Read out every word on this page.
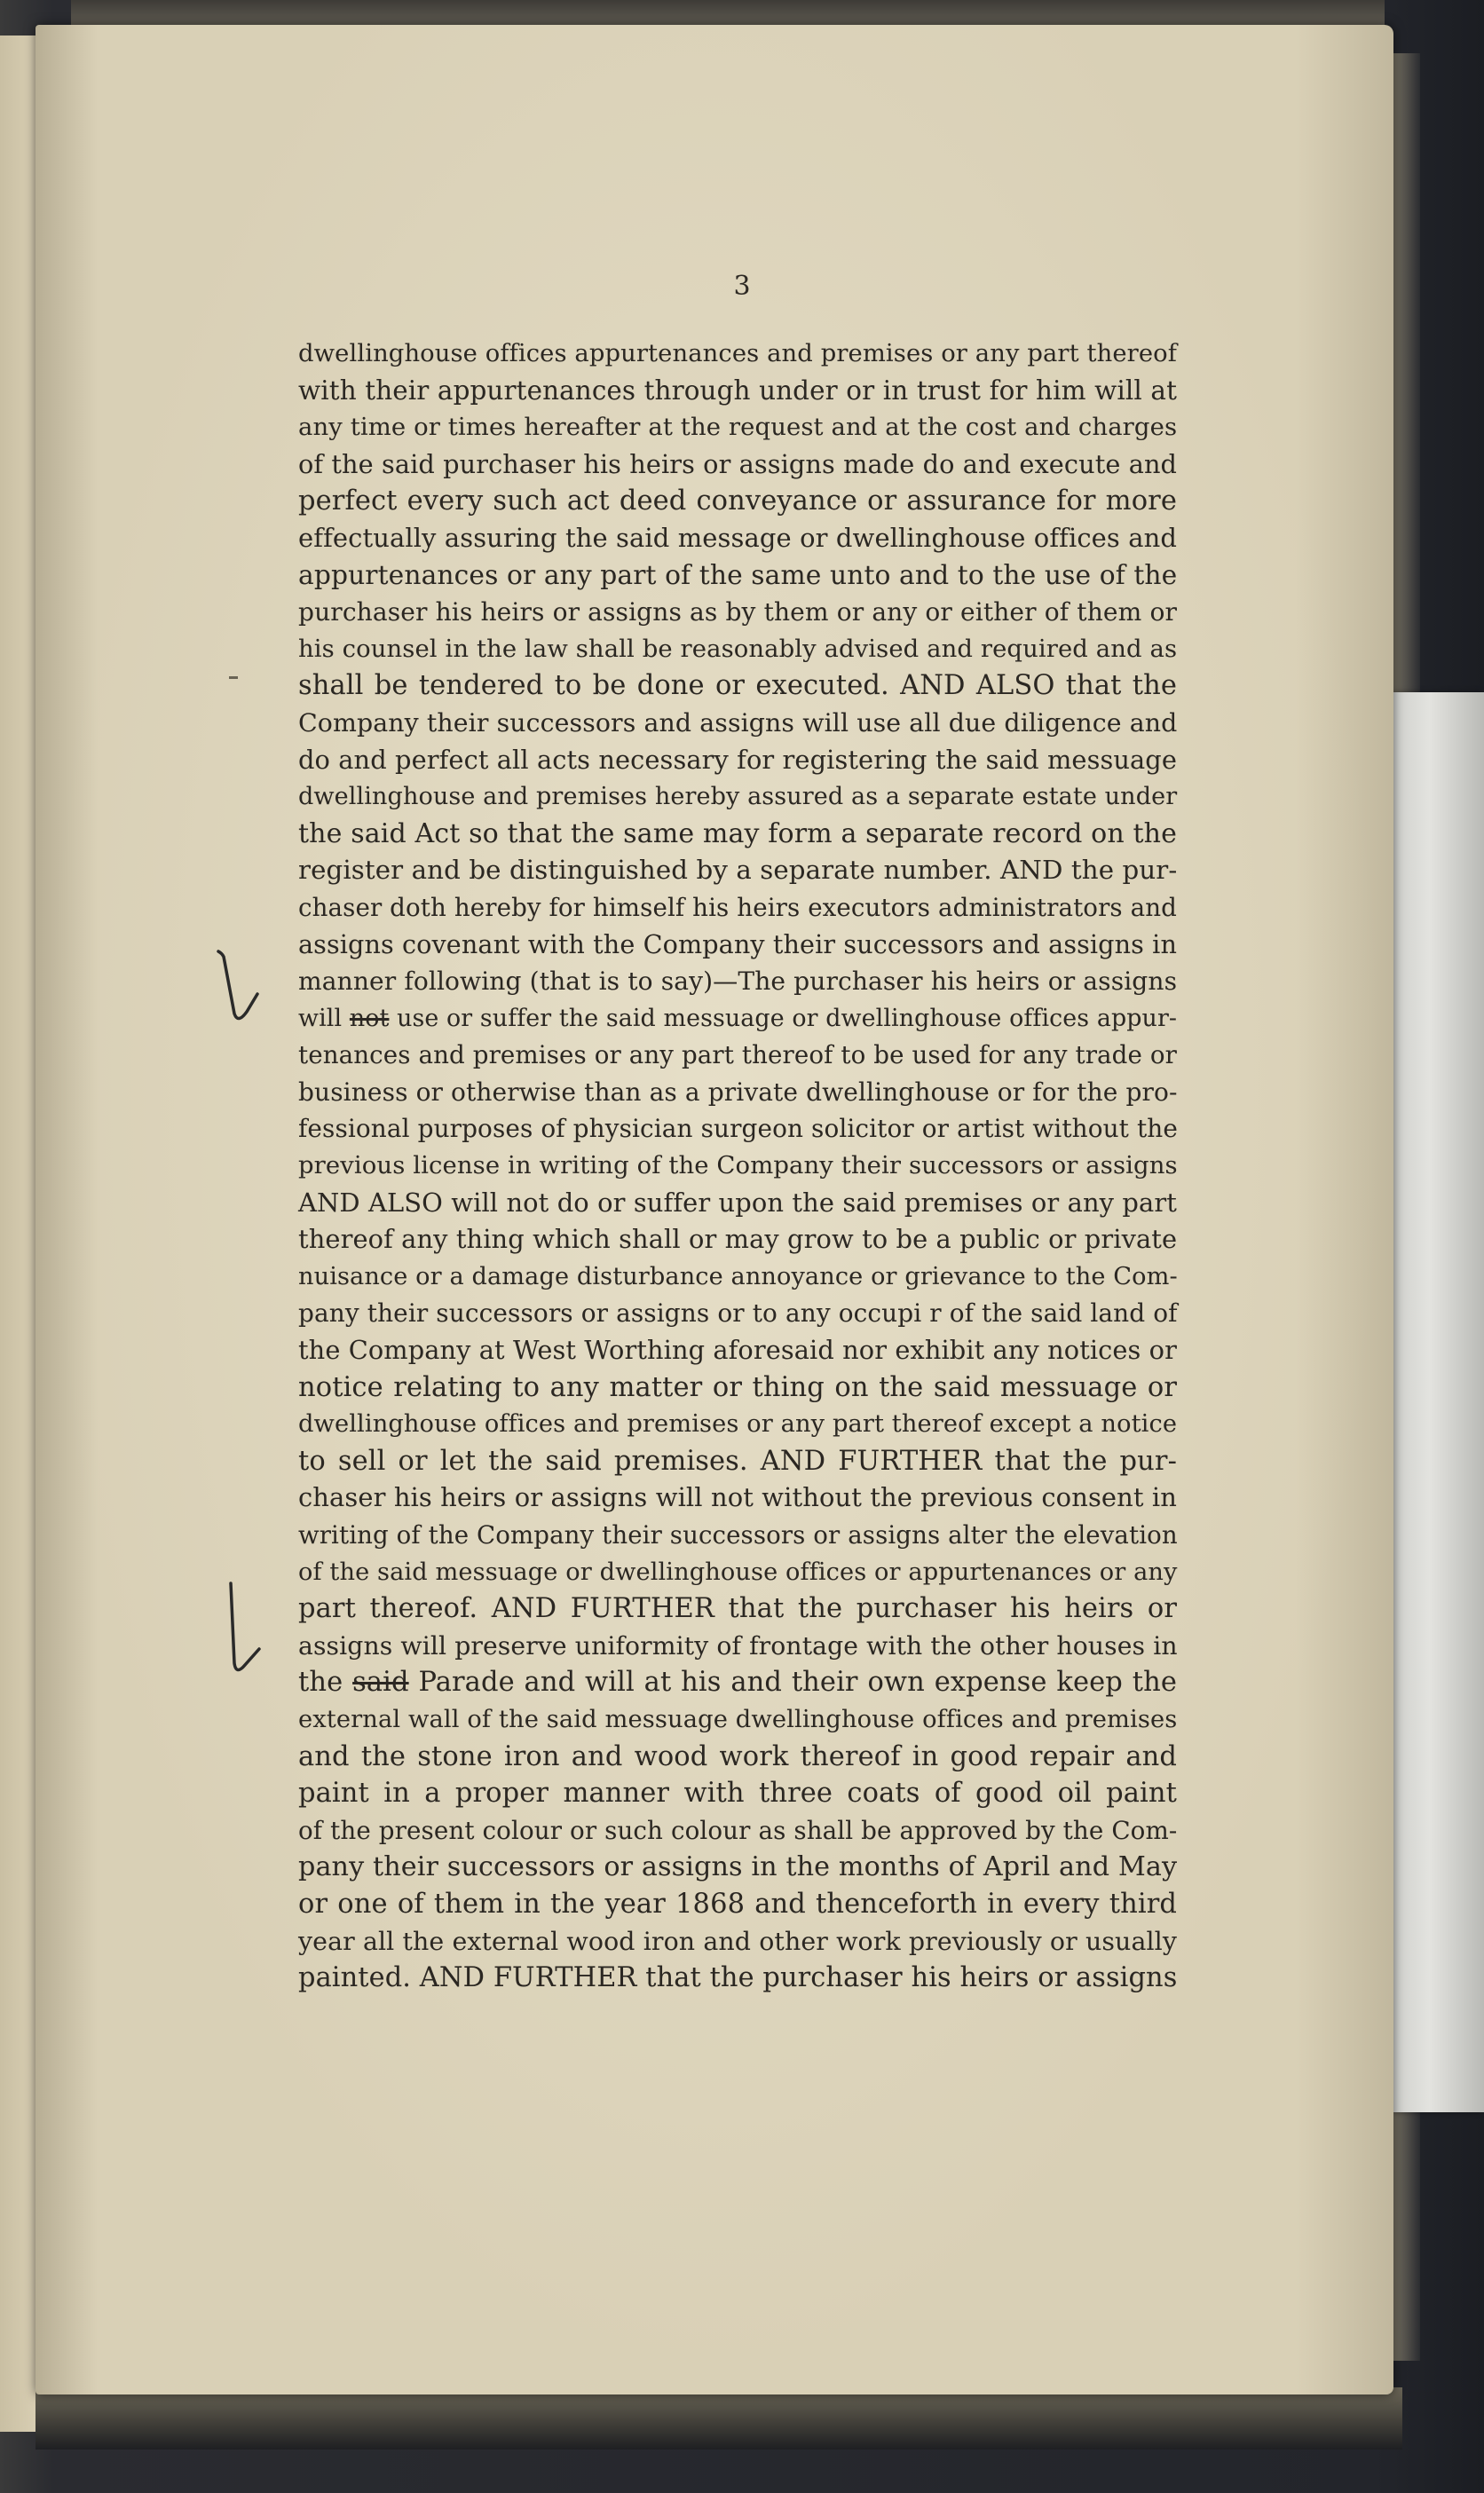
3
dwellinghouse offices appurtenances and premises or any part thereof
with their appurtenances through under or in trust for him will at
any time or times hereafter at the request and at the cost and charges
of the said purchaser his heirs or assigns made do and execute and
perfect every such act deed conveyance or assurance for more
effectually assuring the said message or dwellinghouse offices and
appurtenances or any part of the same unto and to the use of the
purchaser his heirs or assigns as by them or any or either of them or
his counsel in the law shall be reasonably advised and required and as
shall be tendered to be done or executed. AND ALSO that the
Company their successors and assigns will use all due diligence and
do and perfect all acts necessary for registering the said messuage
dwellinghouse and premises hereby assured as a separate estate under
the said Act so that the same may form a separate record on the
register and be distinguished by a separate number. AND the pur-
chaser doth hereby for himself his heirs executors administrators and
assigns covenant with the Company their successors and assigns in
manner following (that is to say)—The purchaser his heirs or assigns
will not use or suffer the said messuage or dwellinghouse offices appur-
tenances and premises or any part thereof to be used for any trade or
business or otherwise than as a private dwellinghouse or for the pro-
fessional purposes of physician surgeon solicitor or artist without the
previous license in writing of the Company their successors or assigns
AND ALSO will not do or suffer upon the said premises or any part
thereof any thing which shall or may grow to be a public or private
nuisance or a damage disturbance annoyance or grievance to the Com-
pany their successors or assigns or to any occupi r of the said land of
the Company at West Worthing aforesaid nor exhibit any notices or
notice relating to any matter or thing on the said messuage or
dwellinghouse offices and premises or any part thereof except a notice
to sell or let the said premises. AND FURTHER that the pur-
chaser his heirs or assigns will not without the previous consent in
writing of the Company their successors or assigns alter the elevation
of the said messuage or dwellinghouse offices or appurtenances or any
part thereof. AND FURTHER that the purchaser his heirs or
assigns will preserve uniformity of frontage with the other houses in
the said Parade and will at his and their own expense keep the
external wall of the said messuage dwellinghouse offices and premises
and the stone iron and wood work thereof in good repair and
paint in a proper manner with three coats of good oil paint
of the present colour or such colour as shall be approved by the Com-
pany their successors or assigns in the months of April and May
or one of them in the year 1868 and thenceforth in every third
year all the external wood iron and other work previously or usually
painted. AND FURTHER that the purchaser his heirs or assigns
